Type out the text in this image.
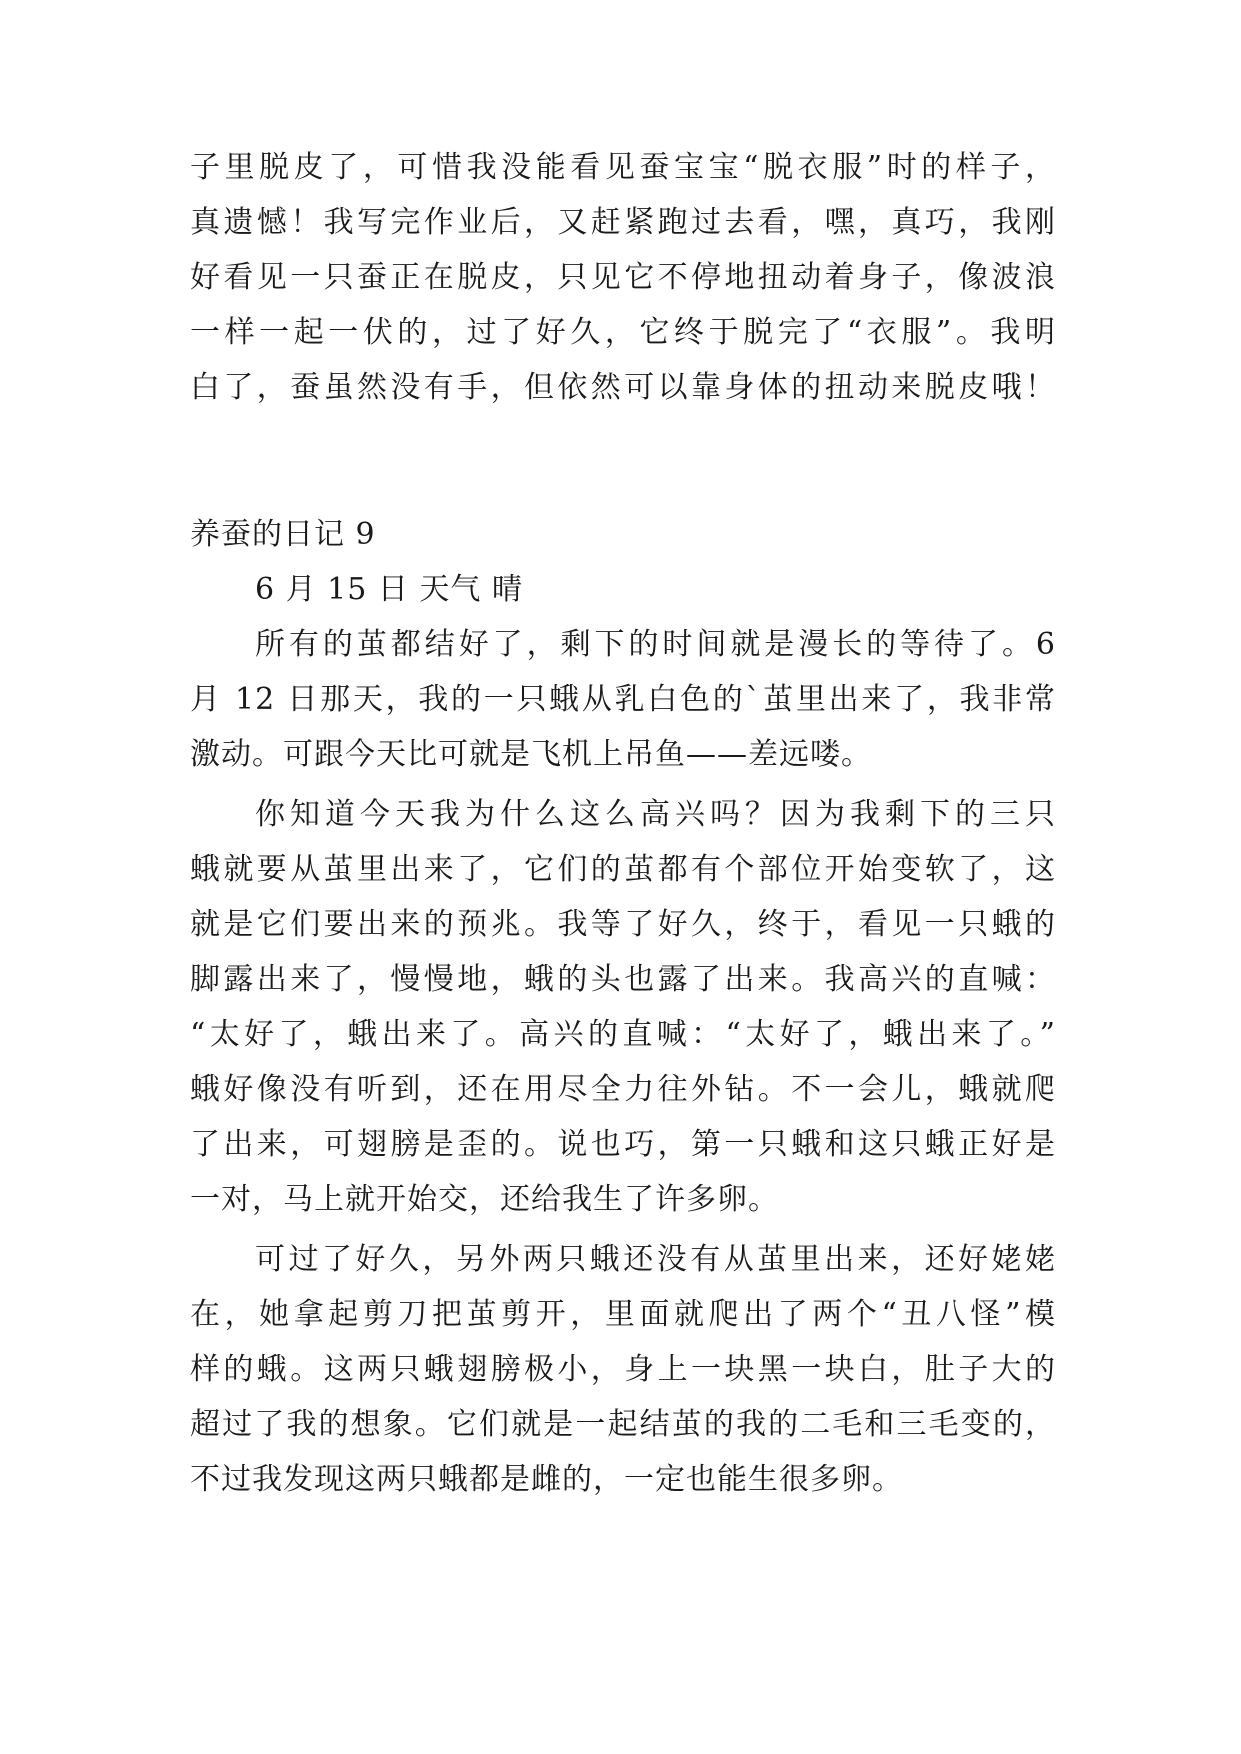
子里脱皮了，可惜我没能看见蚕宝宝“脱衣服”时的样子，
真遗憾！我写完作业后，又赶紧跑过去看，嘿，真巧，我刚
好看见一只蚕正在脱皮，只见它不停地扭动着身子，像波浪
一样一起一伏的，过了好久，它终于脱完了“衣服”。我明
白了，蚕虽然没有手，但依然可以靠身体的扭动来脱皮哦！
养蚕的日记 9
6 月 15 日 天气 晴
所有的茧都结好了，剩下的时间就是漫长的等待了。6
月 12 日那天，我的一只蛾从乳白色的`茧里出来了，我非常
激动。可跟今天比可就是飞机上吊鱼——差远喽。
你知道今天我为什么这么高兴吗？因为我剩下的三只
蛾就要从茧里出来了，它们的茧都有个部位开始变软了，这
就是它们要出来的预兆。我等了好久，终于，看见一只蛾的
脚露出来了，慢慢地，蛾的头也露了出来。我高兴的直喊：
“太好了，蛾出来了。高兴的直喊：“太好了，蛾出来了。”
蛾好像没有听到，还在用尽全力往外钻。不一会儿，蛾就爬
了出来，可翅膀是歪的。说也巧，第一只蛾和这只蛾正好是
一对，马上就开始交，还给我生了许多卵。
可过了好久，另外两只蛾还没有从茧里出来，还好姥姥
在，她拿起剪刀把茧剪开，里面就爬出了两个“丑八怪”模
样的蛾。这两只蛾翅膀极小，身上一块黑一块白，肚子大的
超过了我的想象。它们就是一起结茧的我的二毛和三毛变的，
不过我发现这两只蛾都是雌的，一定也能生很多卵。
